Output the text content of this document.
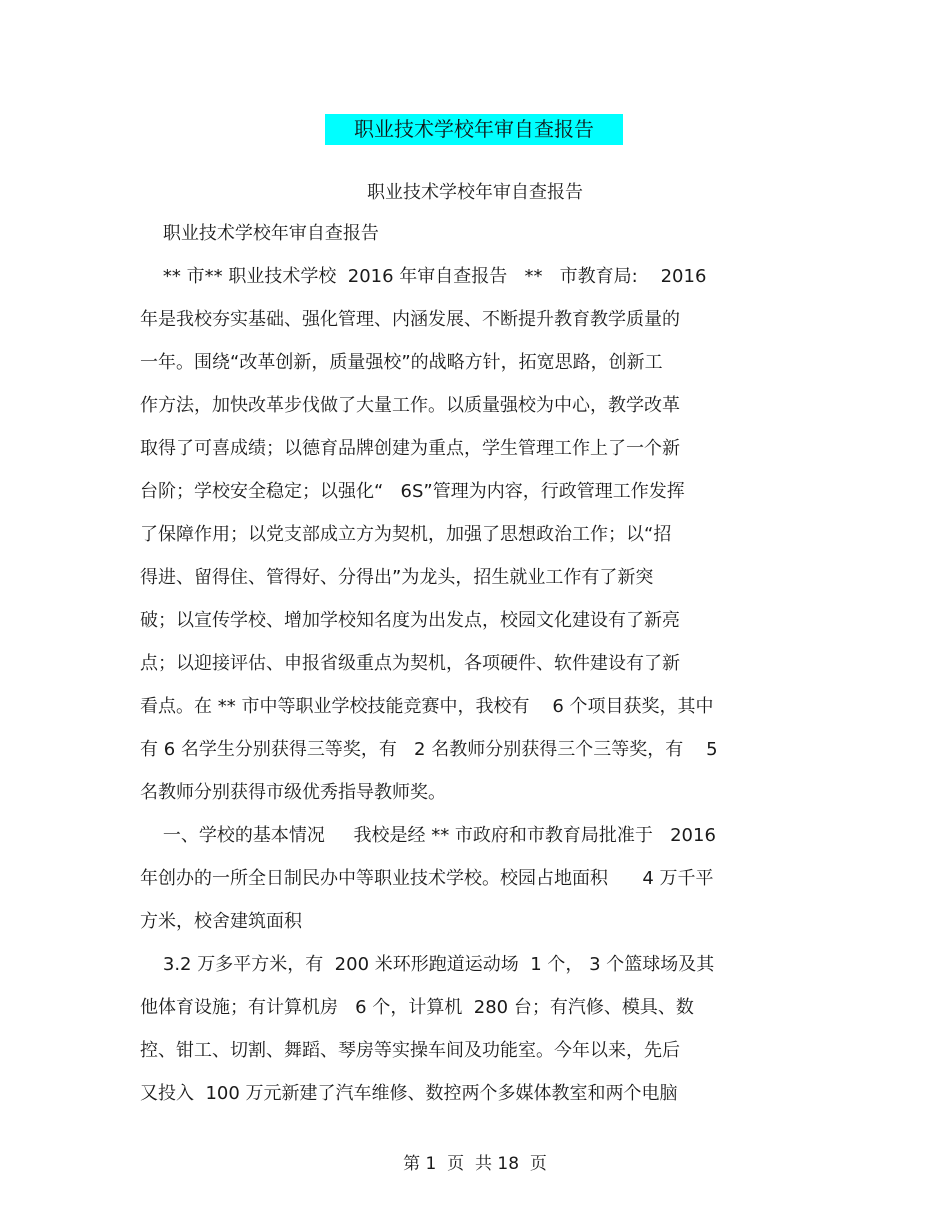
职业技术学校年审自查报告
职业技术学校年审自查报告
职业技术学校年审自查报告
** 市** 职业技术学校  2016 年审自查报告   **   市教育局:    2016
年是我校夯实基础、强化管理、内涵发展、不断提升教育教学质量的
一年。围绕“改革创新，质量强校”的战略方针，拓宽思路，创新工
作方法，加快改革步伐做了大量工作。以质量强校为中心，教学改革
取得了可喜成绩；以德育品牌创建为重点，学生管理工作上了一个新
台阶；学校安全稳定；以强化“   6S”管理为内容，行政管理工作发挥
了保障作用；以党支部成立方为契机，加强了思想政治工作；以“招
得进、留得住、管得好、分得出”为龙头，招生就业工作有了新突
破；以宣传学校、增加学校知名度为出发点，校园文化建设有了新亮
点；以迎接评估、申报省级重点为契机，各项硬件、软件建设有了新
看点。在 ** 市中等职业学校技能竞赛中，我校有    6 个项目获奖，其中
有 6 名学生分别获得三等奖，有   2 名教师分别获得三个三等奖，有    5
名教师分别获得市级优秀指导教师奖。
一、学校的基本情况     我校是经 ** 市政府和市教育局批准于   2016
年创办的一所全日制民办中等职业技术学校。校园占地面积      4 万千平
方米，校舍建筑面积
3.2 万多平方米，有  200 米环形跑道运动场  1 个， 3 个篮球场及其
他体育设施；有计算机房   6 个，计算机  280 台；有汽修、模具、数
控、钳工、切割、舞蹈、琴房等实操车间及功能室。今年以来，先后
又投入  100 万元新建了汽车维修、数控两个多媒体教室和两个电脑
第 1  页  共 18  页
